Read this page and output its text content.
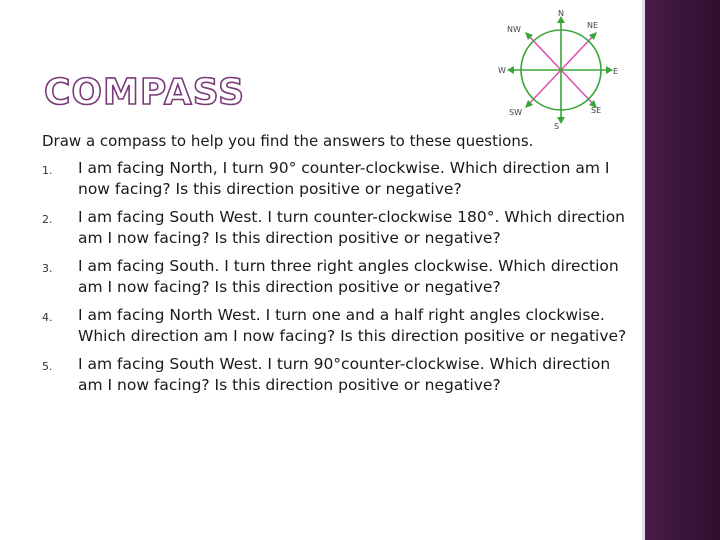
COMPASS
N
NE
NW
W	E
SW	SE
S

Draw a compass to help you find the answers to these questions.

1. I am facing North, I turn 90° counter-clockwise. Which direction am I now facing? Is this direction positive or negative?
2. I am facing South West. I turn counter-clockwise 180°. Which direction am I now facing? Is this direction positive or negative?
3. I am facing South. I turn three right angles clockwise. Which direction am I now facing? Is this direction positive or negative?
4. I am facing North West. I turn one and a half right angles clockwise. Which direction am I now facing? Is this direction positive or negative?
5. I am facing South West. I turn 90°counter-clockwise. Which direction am I now facing? Is this direction positive or negative?
